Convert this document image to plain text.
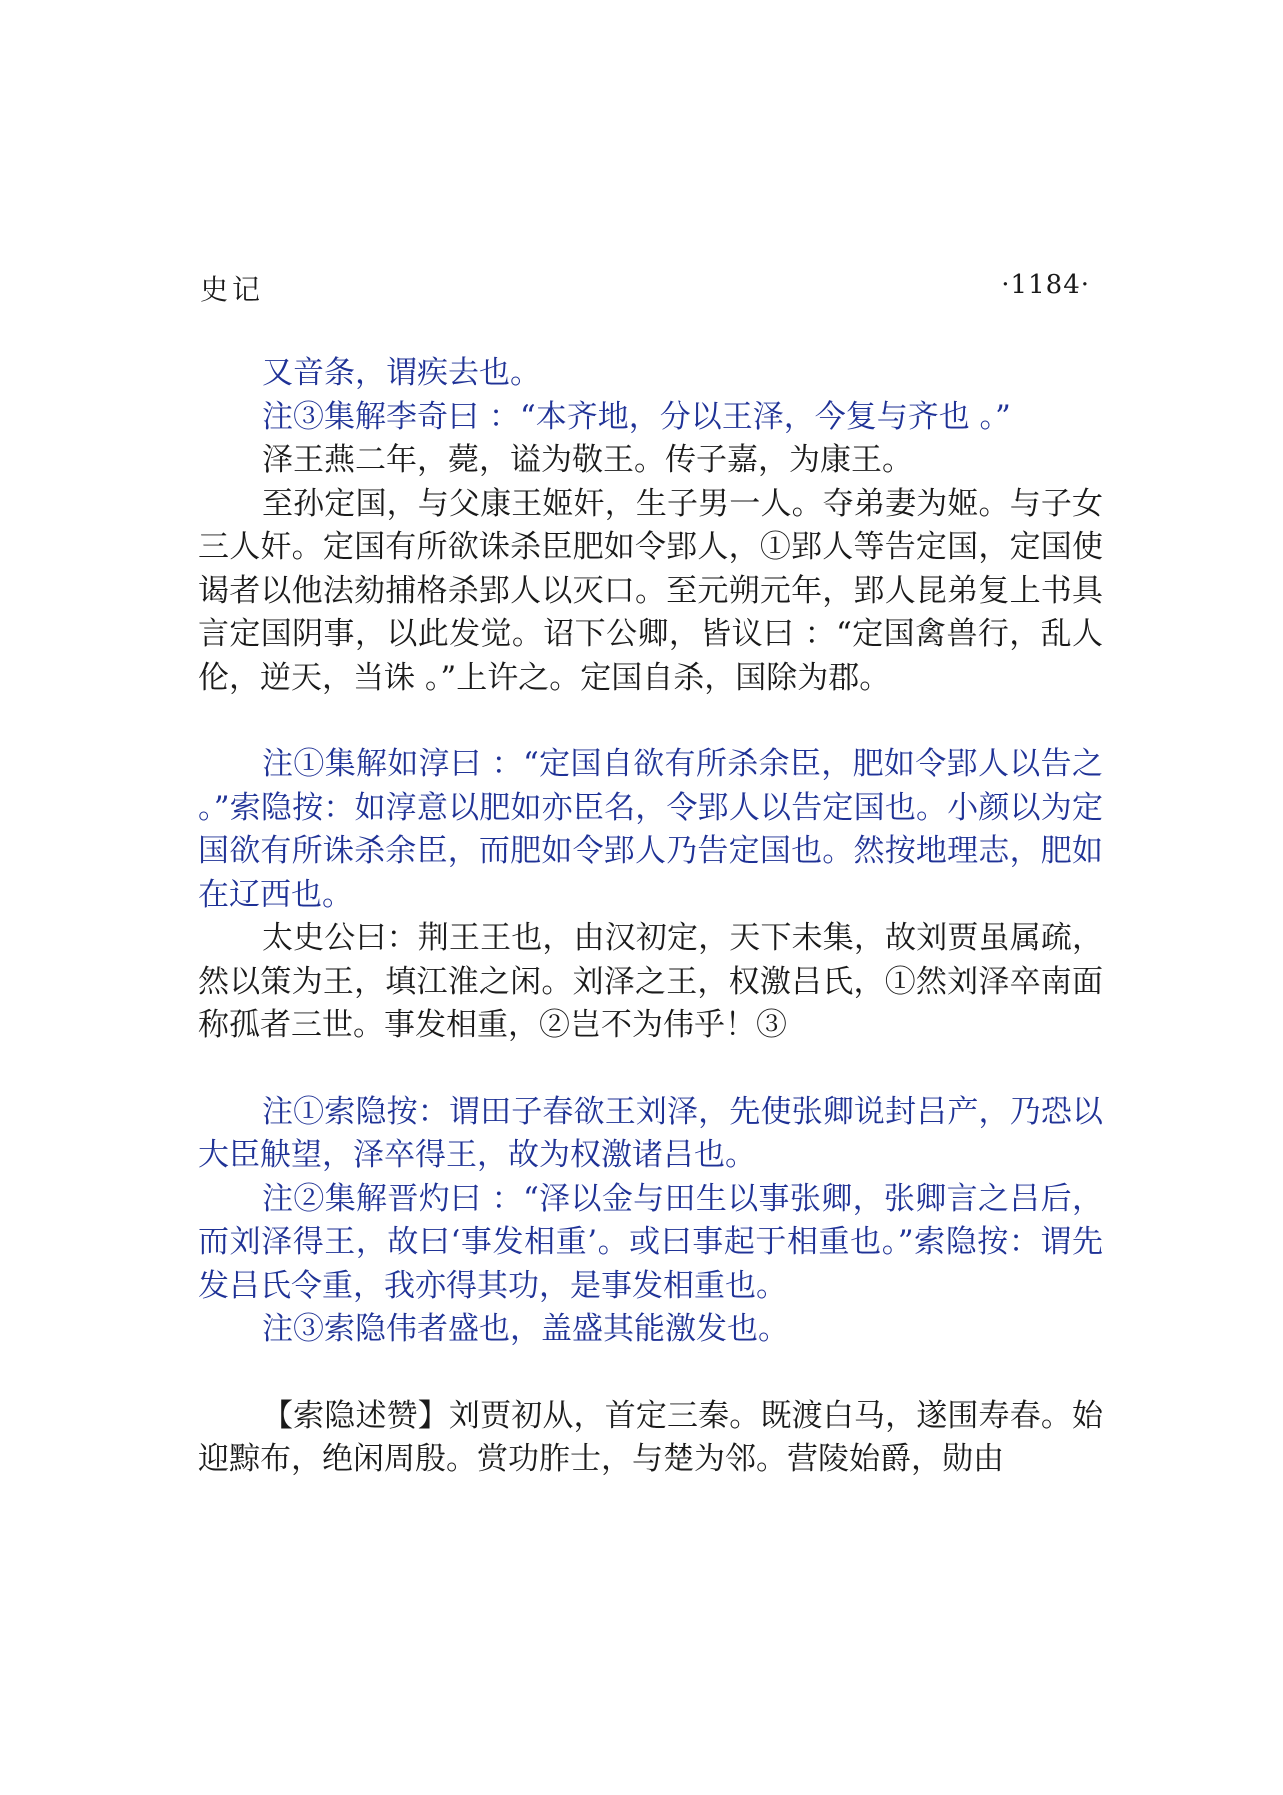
史记	·1184·

又音条，谓疾去也。

注③集解李奇曰 ：“本齐地，分以王泽，今复与齐也 。”

泽王燕二年，薨，谥为敬王。传子嘉，为康王。

至孙定国，与父康王姬奸，生子男一人。夺弟妻为姬。与子女三人奸。定国有所欲诛杀臣肥如令郢人，①郢人等告定国，定国使谒者以他法劾捕格杀郢人以灭口。至元朔元年，郢人昆弟复上书具言定国阴事，以此发觉。诏下公卿，皆议曰 ：“定国禽兽行，乱人伦，逆天，当诛 。”上许之。定国自杀，国除为郡。

注①集解如淳曰 ：“定国自欲有所杀余臣，肥如令郢人以告之 。”索隐按：如淳意以肥如亦臣名，令郢人以告定国也。小颜以为定国欲有所诛杀余臣，而肥如令郢人乃告定国也。然按地理志，肥如在辽西也。

太史公曰：荆王王也，由汉初定，天下未集，故刘贾虽属疏，然以策为王，填江淮之闲。刘泽之王，权激吕氏，①然刘泽卒南面称孤者三世。事发相重，②岂不为伟乎！③

注①索隐按：谓田子春欲王刘泽，先使张卿说封吕产，乃恐以大臣觖望，泽卒得王，故为权激诸吕也。

注②集解晋灼曰 ：“泽以金与田生以事张卿，张卿言之吕后，而刘泽得王，故曰‘事发相重’。或曰事起于相重也。”索隐按：谓先发吕氏令重，我亦得其功，是事发相重也。

注③索隐伟者盛也，盖盛其能激发也。

【索隐述赞】刘贾初从，首定三秦。既渡白马，遂围寿春。始迎黥布，绝闲周殷。赏功胙士，与楚为邻。营陵始爵，勋由
